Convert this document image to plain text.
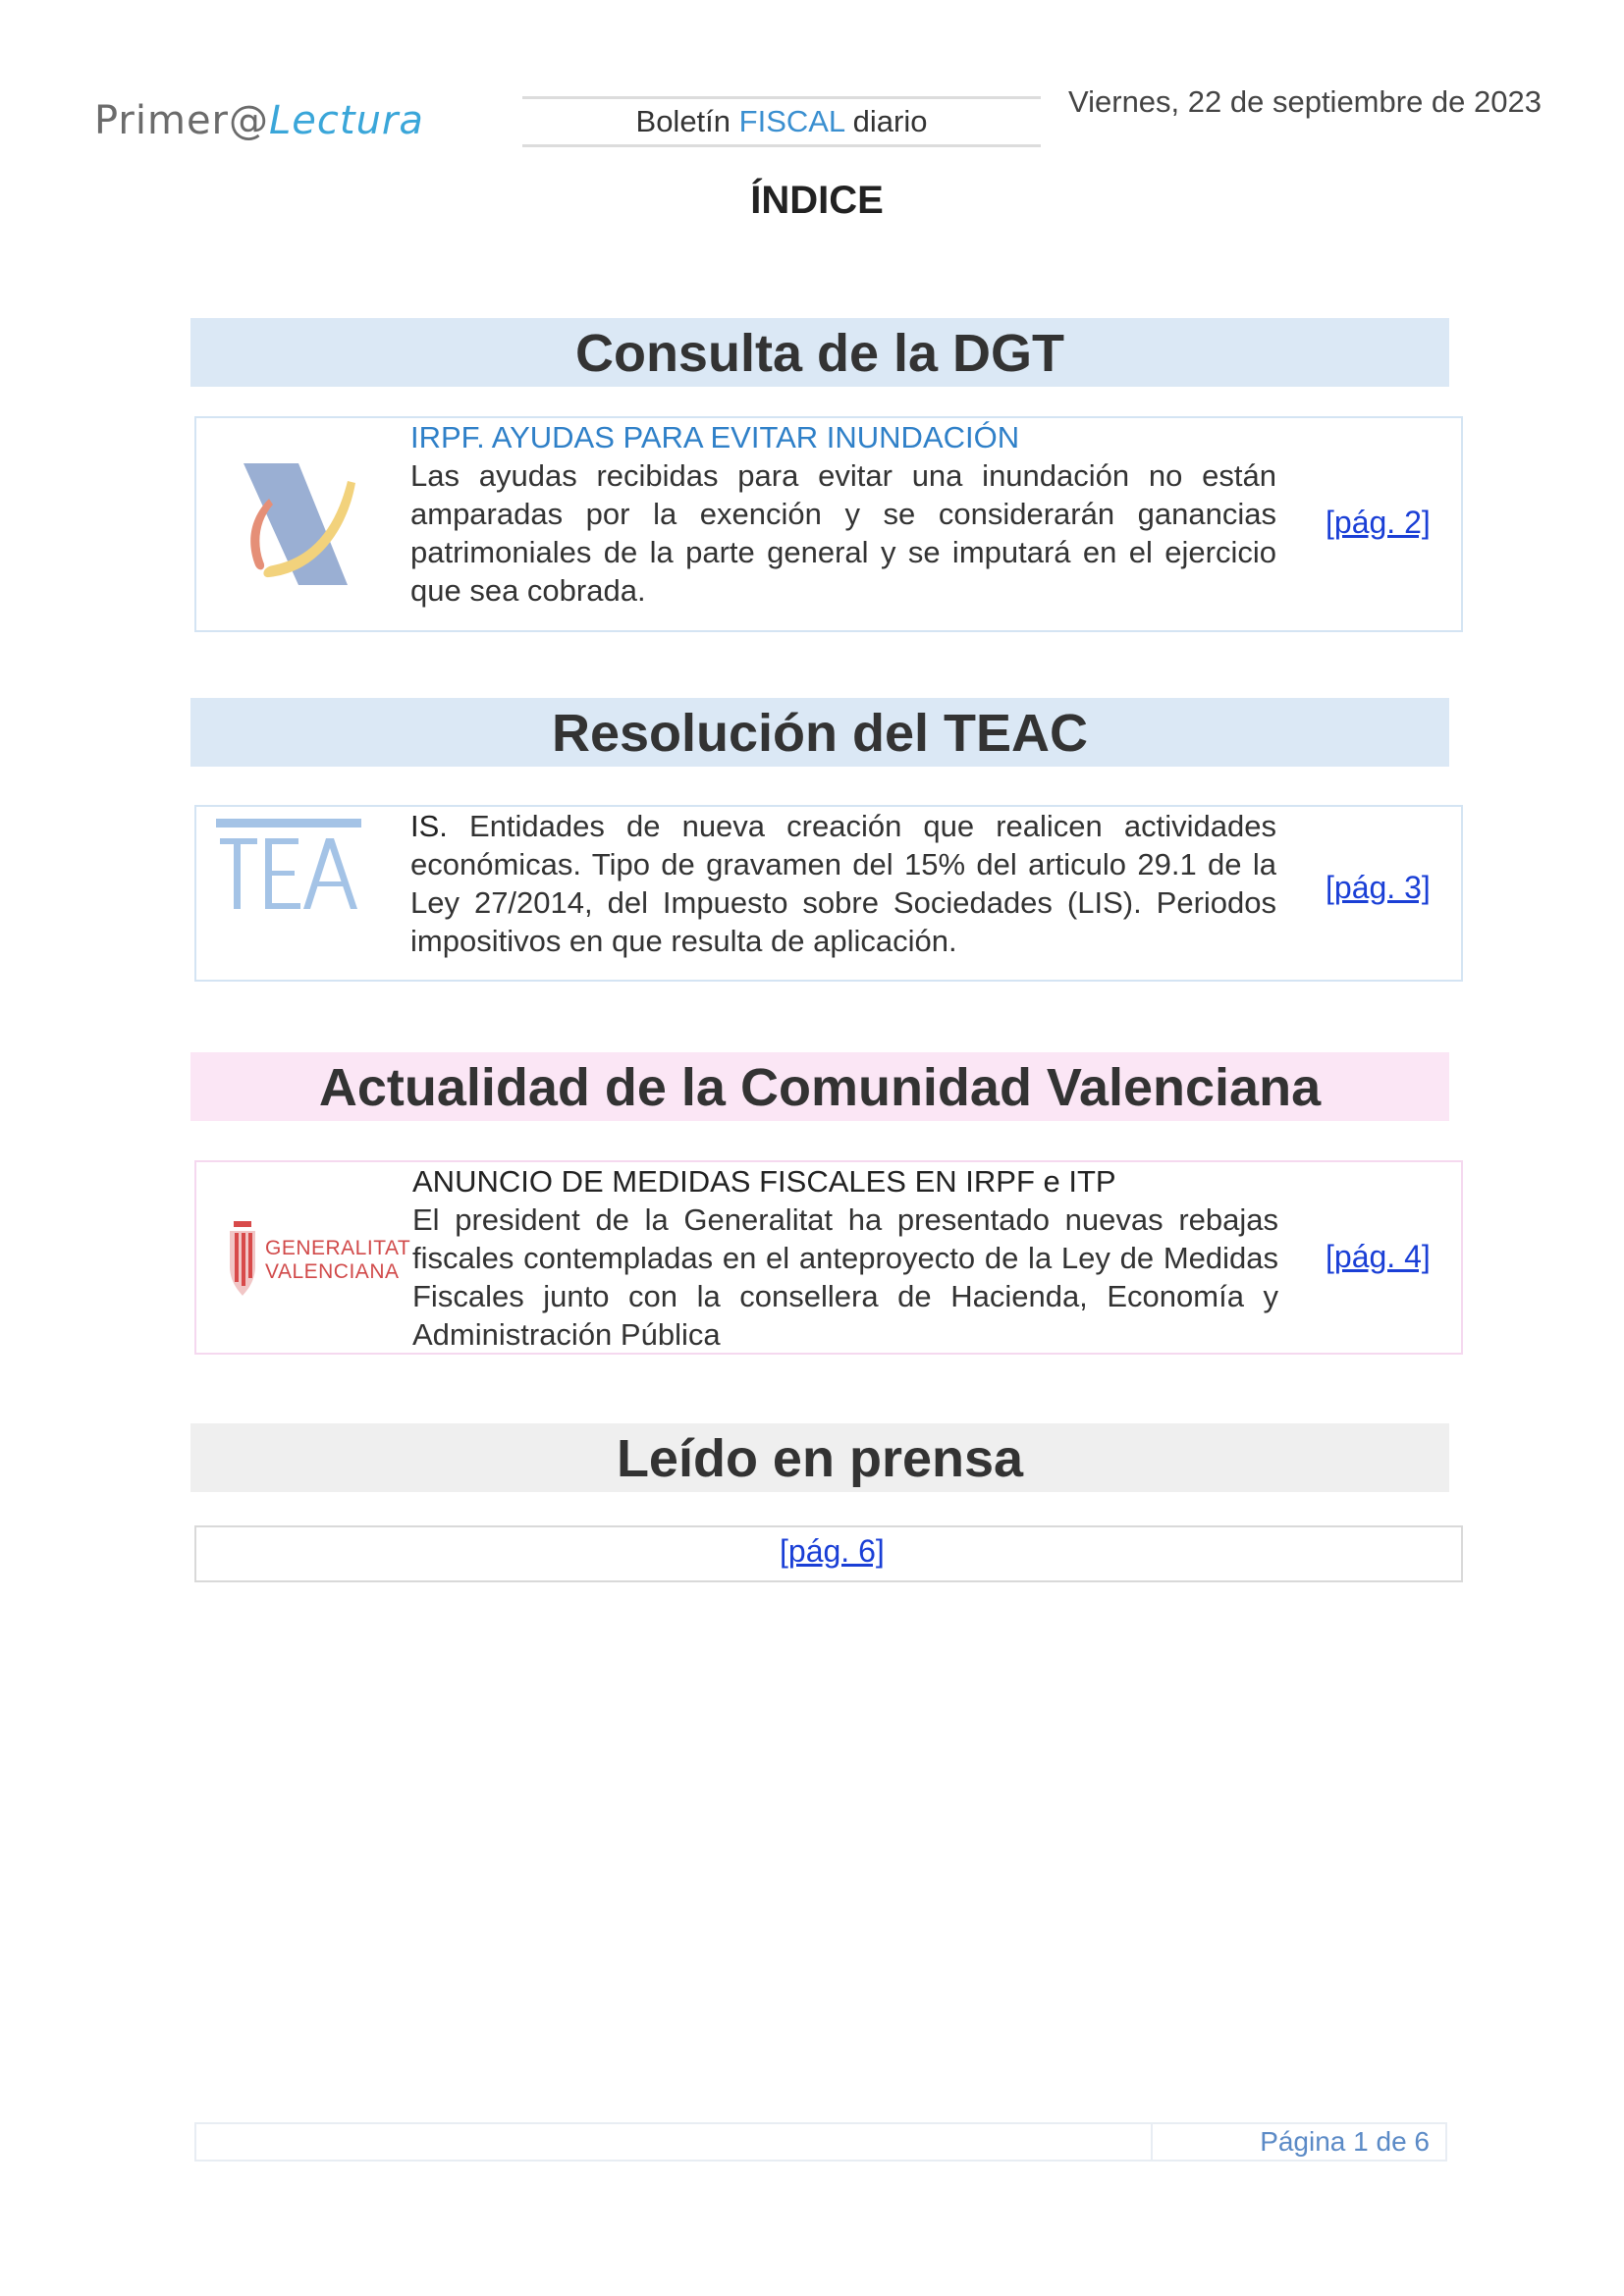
Primer@Lectura	Boletín FISCAL diario
Viernes, 22 de septiembre de 2023
ÍNDICE
Consulta de la DGT
IRPF. AYUDAS PARA EVITAR INUNDACIÓN
Las ayudas recibidas para evitar una inundación no están amparadas por la exención y se considerarán ganancias patrimoniales de la parte general y se imputará en el ejercicio que sea cobrada.
[pág. 2]
Resolución del TEAC
IS. Entidades de nueva creación que realicen actividades económicas. Tipo de gravamen del 15% del articulo 29.1 de la Ley 27/2014, del Impuesto sobre Sociedades (LIS). Periodos impositivos en que resulta de aplicación.
[pág. 3]
Actualidad de la Comunidad Valenciana
GENERALITAT
VALENCIANA
ANUNCIO DE MEDIDAS FISCALES EN IRPF e ITP
El president de la Generalitat ha presentado nuevas rebajas fiscales contempladas en el anteproyecto de la Ley de Medidas Fiscales junto con la consellera de Hacienda, Economía y Administración Pública
[pág. 4]
Leído en prensa
[pág. 6]
Página 1 de 6
